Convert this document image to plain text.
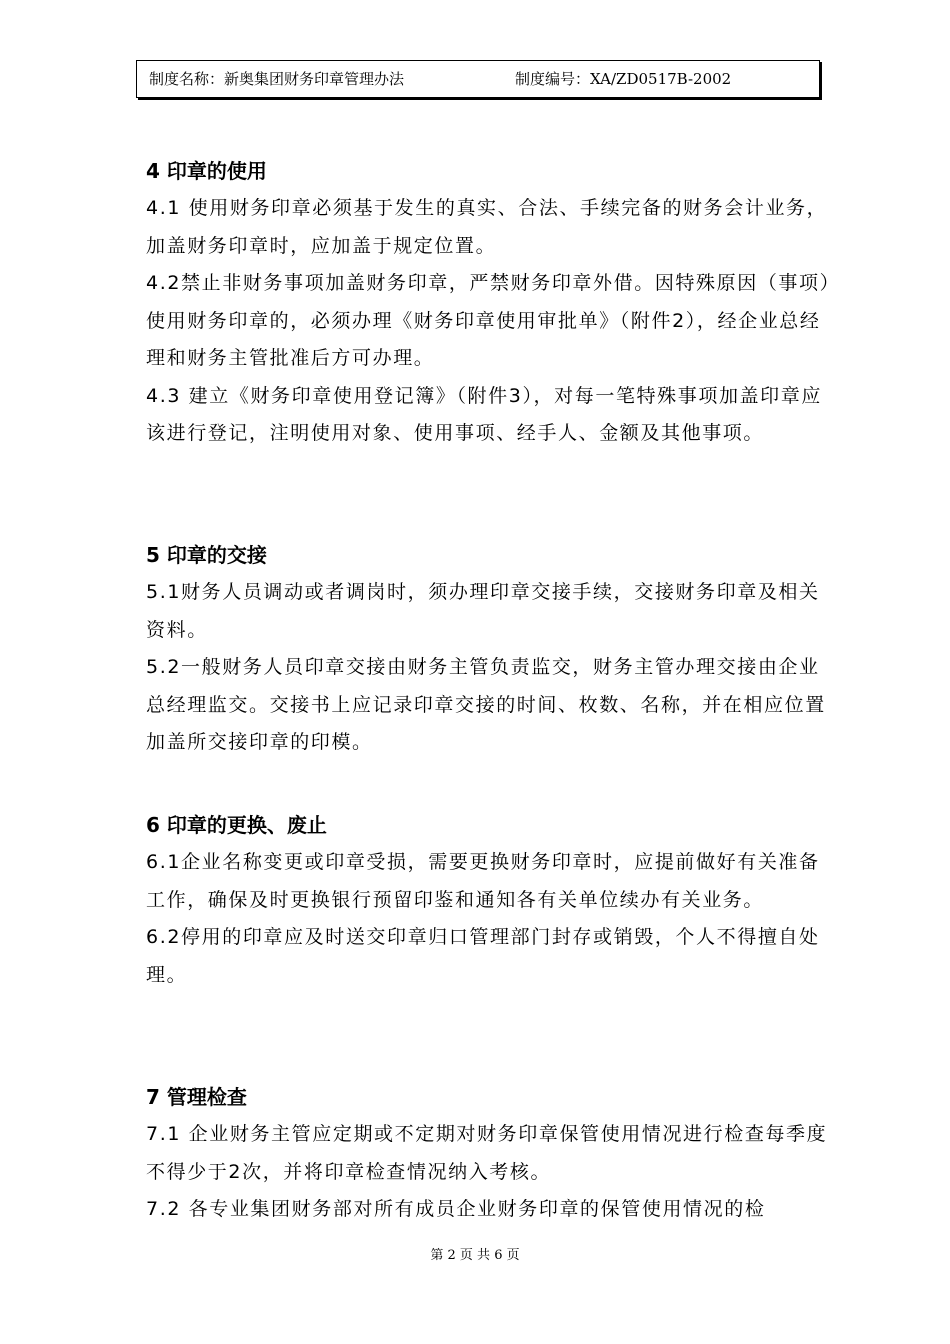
制度名称：新奥集团财务印章管理办法	制度编号：XA/ZD0517B-2002
4 印章的使用

4.1 使用财务印章必须基于发生的真实、合法、手续完备的财务会计业务，加盖财务印章时，应加盖于规定位置。

4.2禁止非财务事项加盖财务印章，严禁财务印章外借。因特殊原因（事项）使用财务印章的，必须办理《财务印章使用审批单》（附件2），经企业总经理和财务主管批准后方可办理。

4.3 建立《财务印章使用登记簿》（附件3），对每一笔特殊事项加盖印章应该进行登记，注明使用对象、使用事项、经手人、金额及其他事项。

5 印章的交接

5.1财务人员调动或者调岗时，须办理印章交接手续，交接财务印章及相关资料。

5.2一般财务人员印章交接由财务主管负责监交，财务主管办理交接由企业总经理监交。交接书上应记录印章交接的时间、枚数、名称，并在相应位置加盖所交接印章的印模。

6 印章的更换、废止

6.1企业名称变更或印章受损，需要更换财务印章时，应提前做好有关准备工作，确保及时更换银行预留印鉴和通知各有关单位续办有关业务。

6.2停用的印章应及时送交印章归口管理部门封存或销毁，个人不得擅自处理。

7 管理检查

7.1 企业财务主管应定期或不定期对财务印章保管使用情况进行检查每季度不得少于2次，并将印章检查情况纳入考核。

7.2 各专业集团财务部对所有成员企业财务印章的保管使用情况的检

第 2 页 共 6 页
